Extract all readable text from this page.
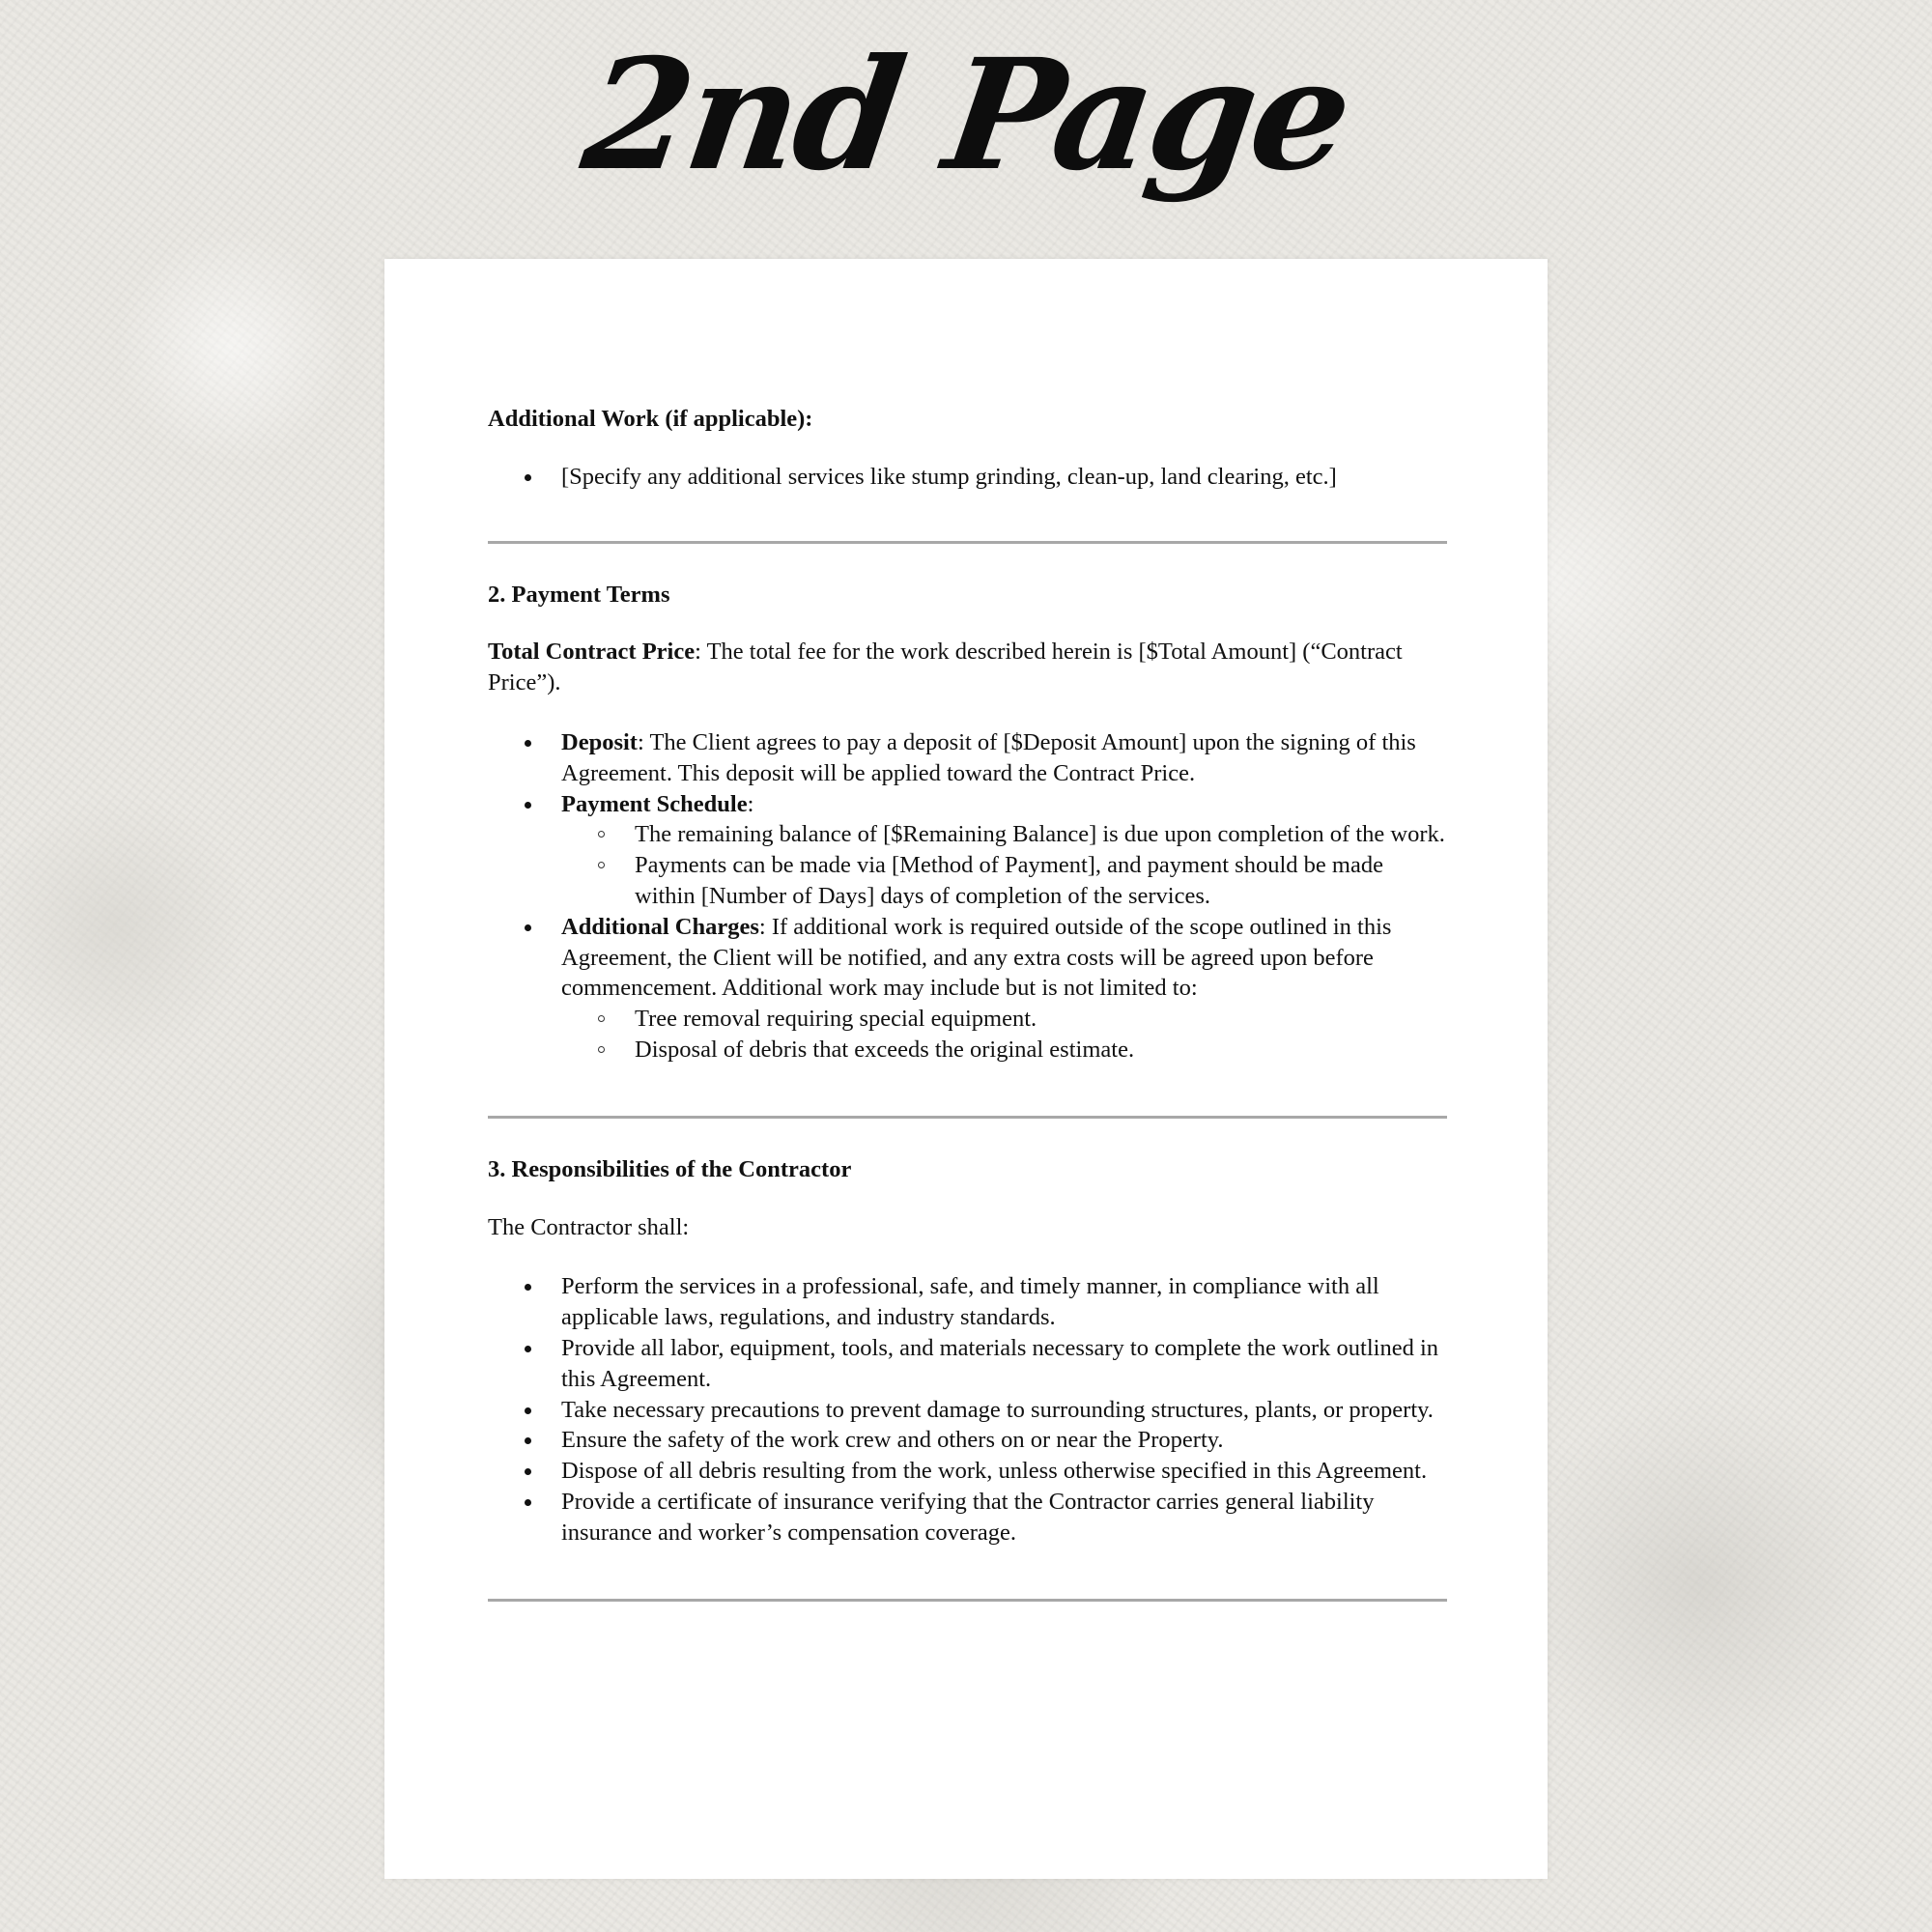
2nd Page

Additional Work (if applicable):

[Specify any additional services like stump grinding, clean-up, land clearing, etc.]

2. Payment Terms

Total Contract Price: The total fee for the work described herein is [$Total Amount] (“Contract Price”).

Deposit: The Client agrees to pay a deposit of [$Deposit Amount] upon the signing of this Agreement. This deposit will be applied toward the Contract Price.
Payment Schedule:
The remaining balance of [$Remaining Balance] is due upon completion of the work.
Payments can be made via [Method of Payment], and payment should be made within [Number of Days] days of completion of the services.
Additional Charges: If additional work is required outside of the scope outlined in this Agreement, the Client will be notified, and any extra costs will be agreed upon before commencement. Additional work may include but is not limited to:
Tree removal requiring special equipment.
Disposal of debris that exceeds the original estimate.

3. Responsibilities of the Contractor

The Contractor shall:

Perform the services in a professional, safe, and timely manner, in compliance with all applicable laws, regulations, and industry standards.
Provide all labor, equipment, tools, and materials necessary to complete the work outlined in this Agreement.
Take necessary precautions to prevent damage to surrounding structures, plants, or property.
Ensure the safety of the work crew and others on or near the Property.
Dispose of all debris resulting from the work, unless otherwise specified in this Agreement.
Provide a certificate of insurance verifying that the Contractor carries general liability insurance and worker’s compensation coverage.
